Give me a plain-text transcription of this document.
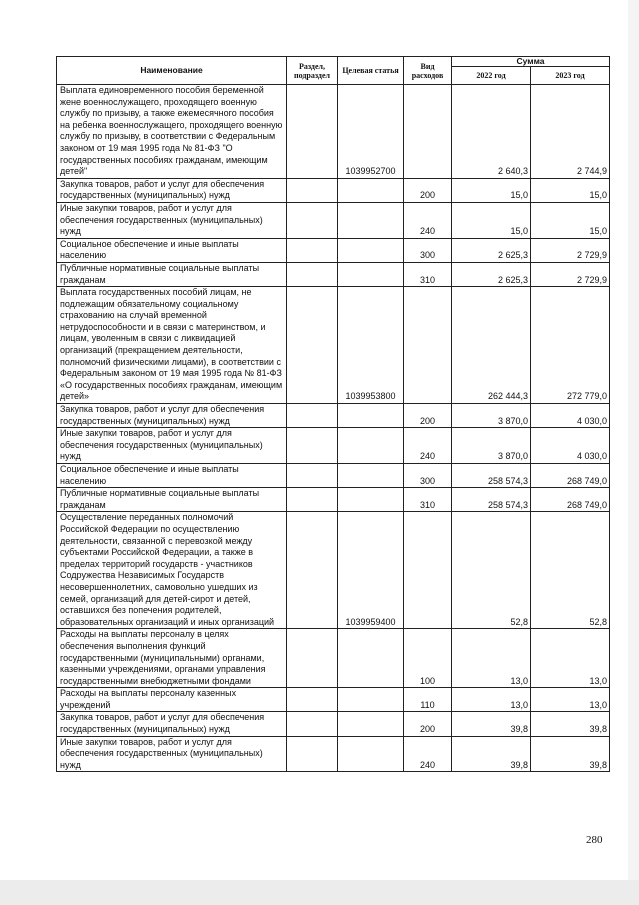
Наименование	Раздел, подраздел	Целевая статья	Вид расходов	Сумма	
				2022 год	2023 год
Выплата единовременного пособия беременной жене военнослужащего, проходящего военную службу по призыву, а также ежемесячного пособия на ребенка военнослужащего, проходящего военную службу по призыву, в соответствии с Федеральным законом от 19 мая 1995 года № 81-ФЗ "О государственных пособиях гражданам, имеющим детей"		1039952700		2 640,3	2 744,9
Закупка товаров, работ и услуг для обеспечения государственных (муниципальных) нужд			200	15,0	15,0
Иные закупки товаров, работ и услуг для обеспечения государственных (муниципальных) нужд			240	15,0	15,0
Социальное обеспечение и иные выплаты населению			300	2 625,3	2 729,9
Публичные нормативные социальные выплаты гражданам			310	2 625,3	2 729,9
Выплата государственных пособий лицам, не подлежащим обязательному социальному страхованию на случай временной нетрудоспособности и в связи с материнством, и лицам, уволенным в связи с ликвидацией организаций (прекращением деятельности, полномочий физическими лицами), в соответствии с Федеральным законом от 19 мая 1995 года № 81-ФЗ «О государственных пособиях гражданам, имеющим детей»		1039953800		262 444,3	272 779,0
Закупка товаров, работ и услуг для обеспечения государственных (муниципальных) нужд			200	3 870,0	4 030,0
Иные закупки товаров, работ и услуг для обеспечения государственных (муниципальных) нужд			240	3 870,0	4 030,0
Социальное обеспечение и иные выплаты населению			300	258 574,3	268 749,0
Публичные нормативные социальные выплаты гражданам			310	258 574,3	268 749,0
Осуществление переданных полномочий Российской Федерации по осуществлению деятельности, связанной с перевозкой между субъектами Российской Федерации, а также в пределах территорий государств - участников Содружества Независимых Государств несовершеннолетних, самовольно ушедших из семей, организаций для детей-сирот и детей, оставшихся без попечения родителей, образовательных организаций и иных организаций		1039959400		52,8	52,8
Расходы на выплаты персоналу в целях обеспечения выполнения функций государственными (муниципальными) органами, казенными учреждениями, органами управления государственными внебюджетными фондами			100	13,0	13,0
Расходы на выплаты персоналу казенных учреждений			110	13,0	13,0
Закупка товаров, работ и услуг для обеспечения государственных (муниципальных) нужд			200	39,8	39,8
Иные закупки товаров, работ и услуг для обеспечения государственных (муниципальных) нужд			240	39,8	39,8
280
